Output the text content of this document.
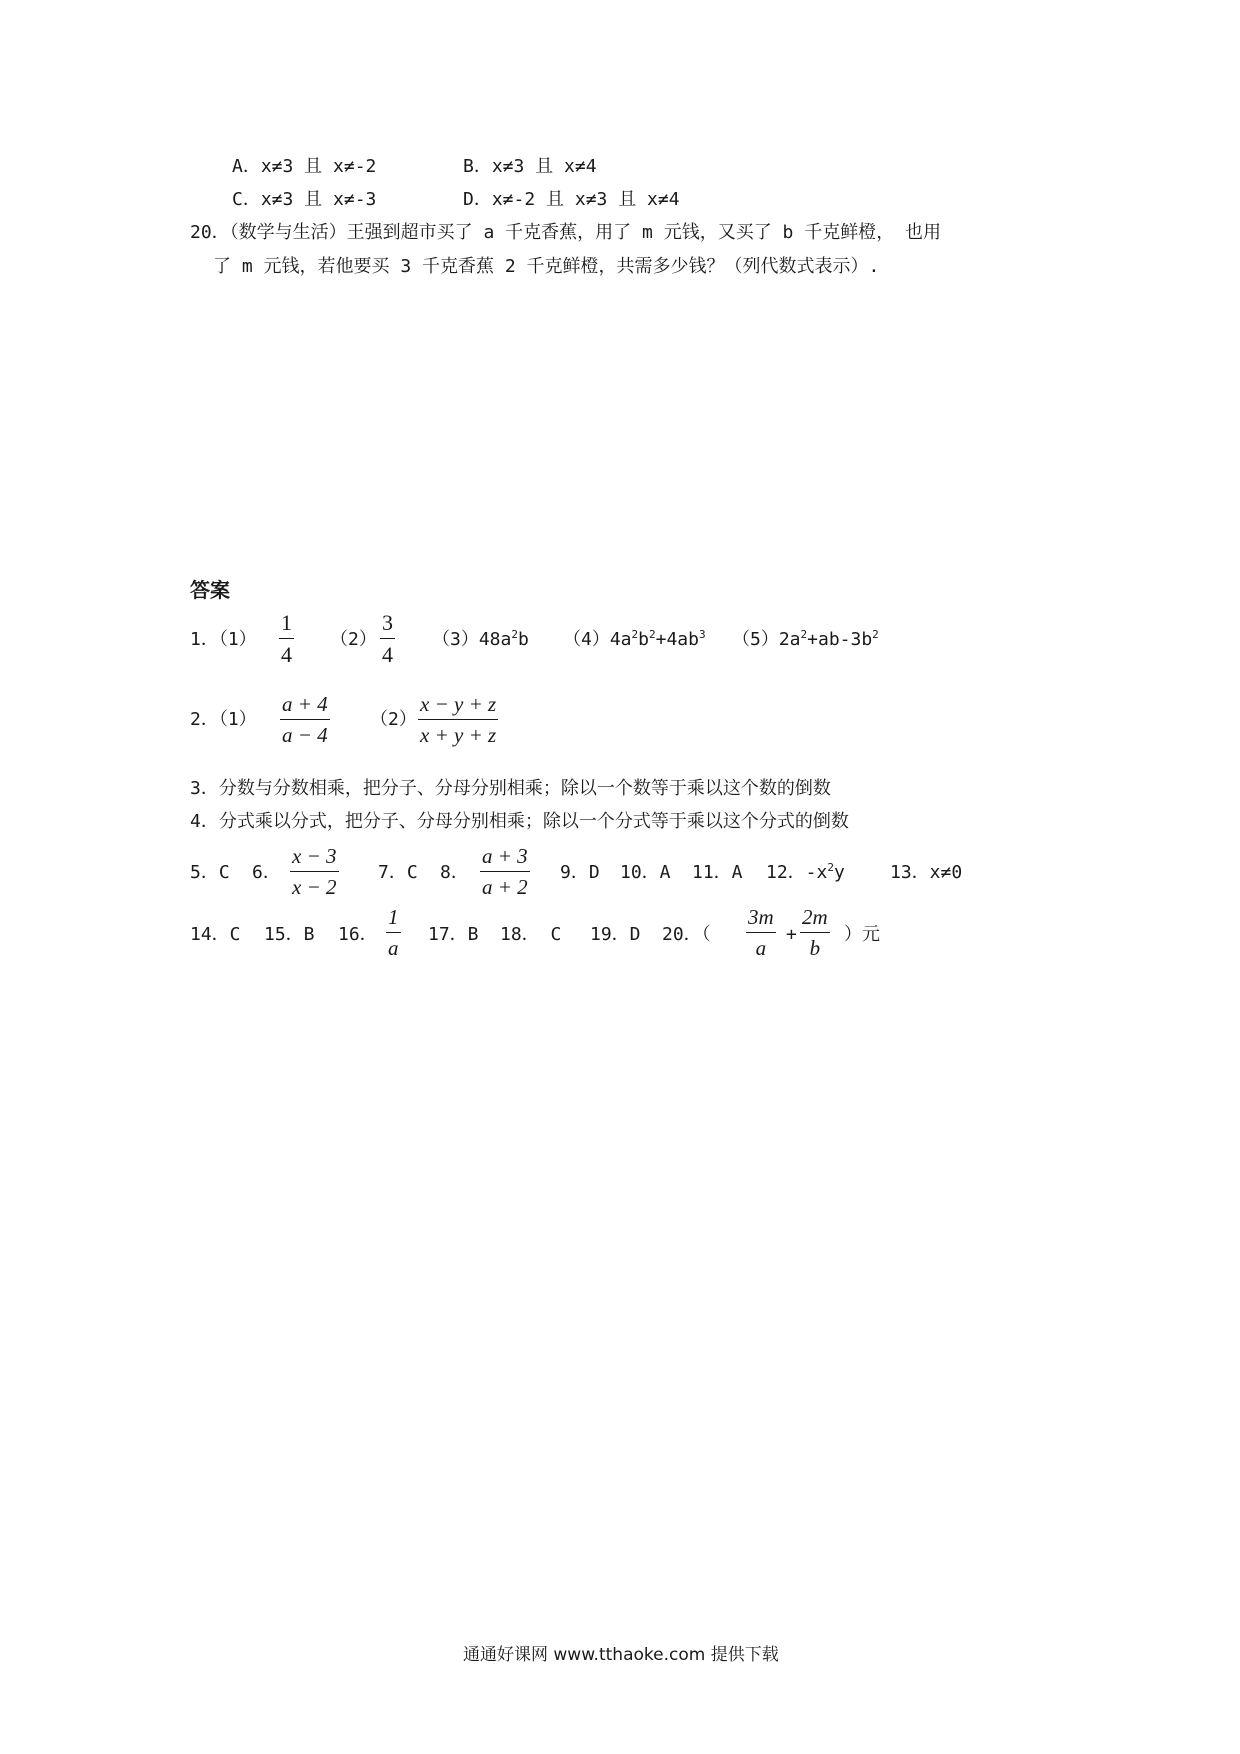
A．x≠3 且 x≠-2	B．x≠3 且 x≠4
C．x≠3 且 x≠-3	D．x≠-2 且 x≠3 且 x≠4
20．（数学与生活）王强到超市买了 a 千克香蕉，用了 m 元钱，又买了 b 千克鲜橙， 也用
了 m 元钱，若他要买 3 千克香蕉 2 千克鲜橙，共需多少钱？（列代数式表示）.
答案
1．（1）
1
4
（2）
3
4
$(3)48a^2b$ $(4)4a^2b^2+4ab^3$ $(5)2a^2+ab-3b^2$
2．（1）
a + 4
a − 4
（2）
x − y + z
x + y + z
3．分数与分数相乘，把分子、分母分别相乘；除以一个数等于乘以这个数的倒数
4．分式乘以分式，把分子、分母分别相乘；除以一个分式等于乘以这个分式的倒数
5．C 6．
x − 3
x − 2
7．C 8．
a + 3
a + 2
9．D 10．A 11．A 12．$-x^2y$	13．x≠0
14．C 15．B 16．
1
a
17．B 18． C 19．D 20．（
3m
a
+
2m
b
）元
通通好课网 www.tthaoke.com 提供下载
